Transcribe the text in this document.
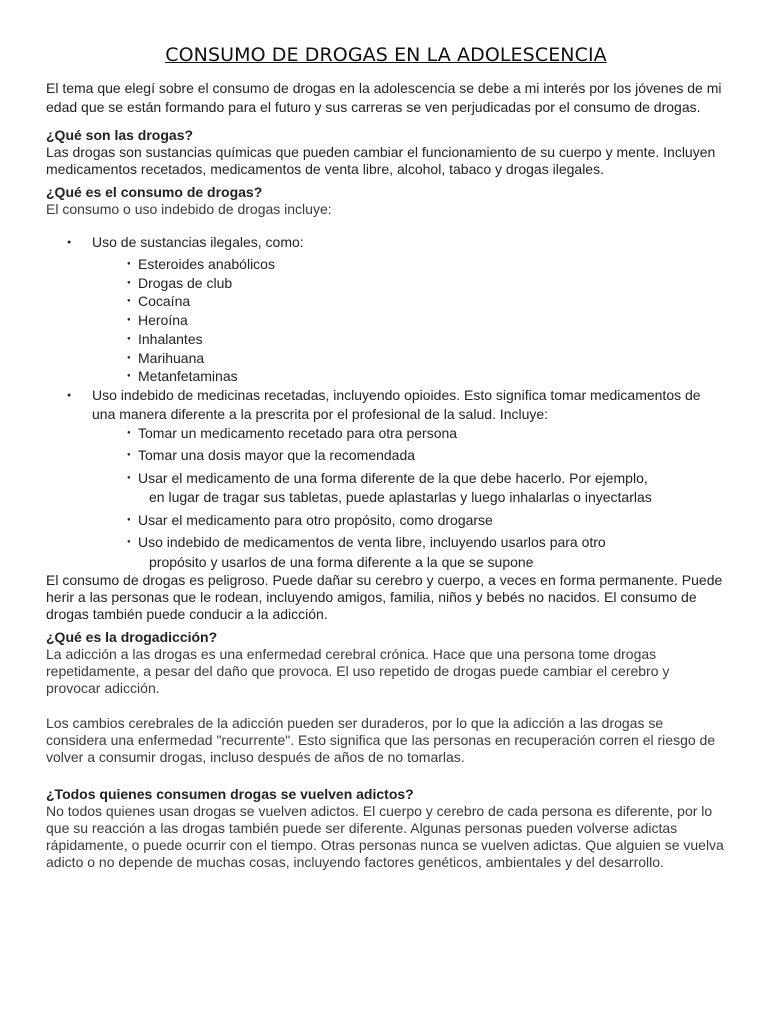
CONSUMO DE DROGAS EN LA ADOLESCENCIA

El tema que elegí sobre el consumo de drogas en la adolescencia se debe a mi interés por los jóvenes de mi edad que se están formando para el futuro y sus carreras se ven perjudicadas por el consumo de drogas.

¿Qué son las drogas?

Las drogas son sustancias químicas que pueden cambiar el funcionamiento de su cuerpo y mente. Incluyen medicamentos recetados, medicamentos de venta libre, alcohol, tabaco y drogas ilegales.

¿Qué es el consumo de drogas?

El consumo o uso indebido de drogas incluye:

● Uso de sustancias ilegales, como:
● Esteroides anabólicos
● Drogas de club
● Cocaína
● Heroína
● Inhalantes
● Marihuana
● Metanfetaminas
● Uso indebido de medicinas recetadas, incluyendo opioides. Esto significa tomar medicamentos de una manera diferente a la prescrita por el profesional de la salud. Incluye:
● Tomar un medicamento recetado para otra persona
● Tomar una dosis mayor que la recomendada
● Usar el medicamento de una forma diferente de la que debe hacerlo. Por ejemplo,
en lugar de tragar sus tabletas, puede aplastarlas y luego inhalarlas o inyectarlas
● Usar el medicamento para otro propósito, como drogarse
● Uso indebido de medicamentos de venta libre, incluyendo usarlos para otro
propósito y usarlos de una forma diferente a la que se supone

El consumo de drogas es peligroso. Puede dañar su cerebro y cuerpo, a veces en forma permanente. Puede herir a las personas que le rodean, incluyendo amigos, familia, niños y bebés no nacidos. El consumo de drogas también puede conducir a la adicción.

¿Qué es la drogadicción?

La adicción a las drogas es una enfermedad cerebral crónica. Hace que una persona tome drogas repetidamente, a pesar del daño que provoca. El uso repetido de drogas puede cambiar el cerebro y provocar adicción.

Los cambios cerebrales de la adicción pueden ser duraderos, por lo que la adicción a las drogas se considera una enfermedad "recurrente". Esto significa que las personas en recuperación corren el riesgo de volver a consumir drogas, incluso después de años de no tomarlas.

¿Todos quienes consumen drogas se vuelven adictos?

No todos quienes usan drogas se vuelven adictos. El cuerpo y cerebro de cada persona es diferente, por lo que su reacción a las drogas también puede ser diferente. Algunas personas pueden volverse adictas rápidamente, o puede ocurrir con el tiempo. Otras personas nunca se vuelven adictas. Que alguien se vuelva adicto o no depende de muchas cosas, incluyendo factores genéticos, ambientales y del desarrollo.
